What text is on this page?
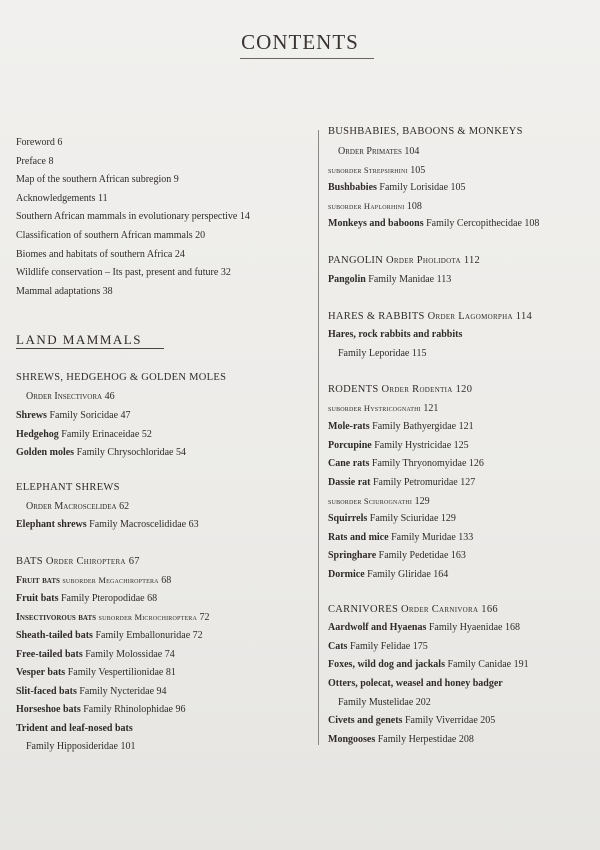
CONTENTS
Foreword 6
Preface 8
Map of the southern African subregion 9
Acknowledgements 11
Southern African mammals in evolutionary perspective 14
Classification of southern African mammals 20
Biomes and habitats of southern Africa 24
Wildlife conservation – Its past, present and future 32
Mammal adaptations 38
LAND MAMMALS
SHREWS, HEDGEHOG & GOLDEN MOLES
Order Insectivora 46
Shrews Family Soricidae 47
Hedgehog Family Erinaceidae 52
Golden moles Family Chrysochloridae 54
ELEPHANT SHREWS
Order Macroscelidea 62
Elephant shrews Family Macroscelididae 63
BATS Order Chiroptera 67
Fruit bats suborder Megachiroptera 68
Fruit bats Family Pteropodidae 68
Insectivorous bats suborder Microchiroptera 72
Sheath-tailed bats Family Emballonuridae 72
Free-tailed bats Family Molossidae 74
Vesper bats Family Vespertilionidae 81
Slit-faced bats Family Nycteridae 94
Horseshoe bats Family Rhinolophidae 96
Trident and leaf-nosed bats
Family Hipposideridae 101
BUSHBABIES, BABOONS & MONKEYS
Order Primates 104
suborder Strepsirhini 105
Bushbabies Family Lorisidae 105
suborder Haplorhini 108
Monkeys and baboons Family Cercopithecidae 108
PANGOLIN Order Pholidota 112
Pangolin Family Manidae 113
HARES & RABBITS Order Lagomorpha 114
Hares, rock rabbits and rabbits
Family Leporidae 115
RODENTS Order Rodentia 120
suborder Hystricognathi 121
Mole-rats Family Bathyergidae 121
Porcupine Family Hystricidae 125
Cane rats Family Thryonomyidae 126
Dassie rat Family Petromuridae 127
suborder Sciurognathi 129
Squirrels Family Sciuridae 129
Rats and mice Family Muridae 133
Springhare Family Pedetidae 163
Dormice Family Gliridae 164
CARNIVORES Order Carnivora 166
Aardwolf and Hyaenas Family Hyaenidae 168
Cats Family Felidae 175
Foxes, wild dog and jackals Family Canidae 191
Otters, polecat, weasel and honey badger
Family Mustelidae 202
Civets and genets Family Viverridae 205
Mongooses Family Herpestidae 208
